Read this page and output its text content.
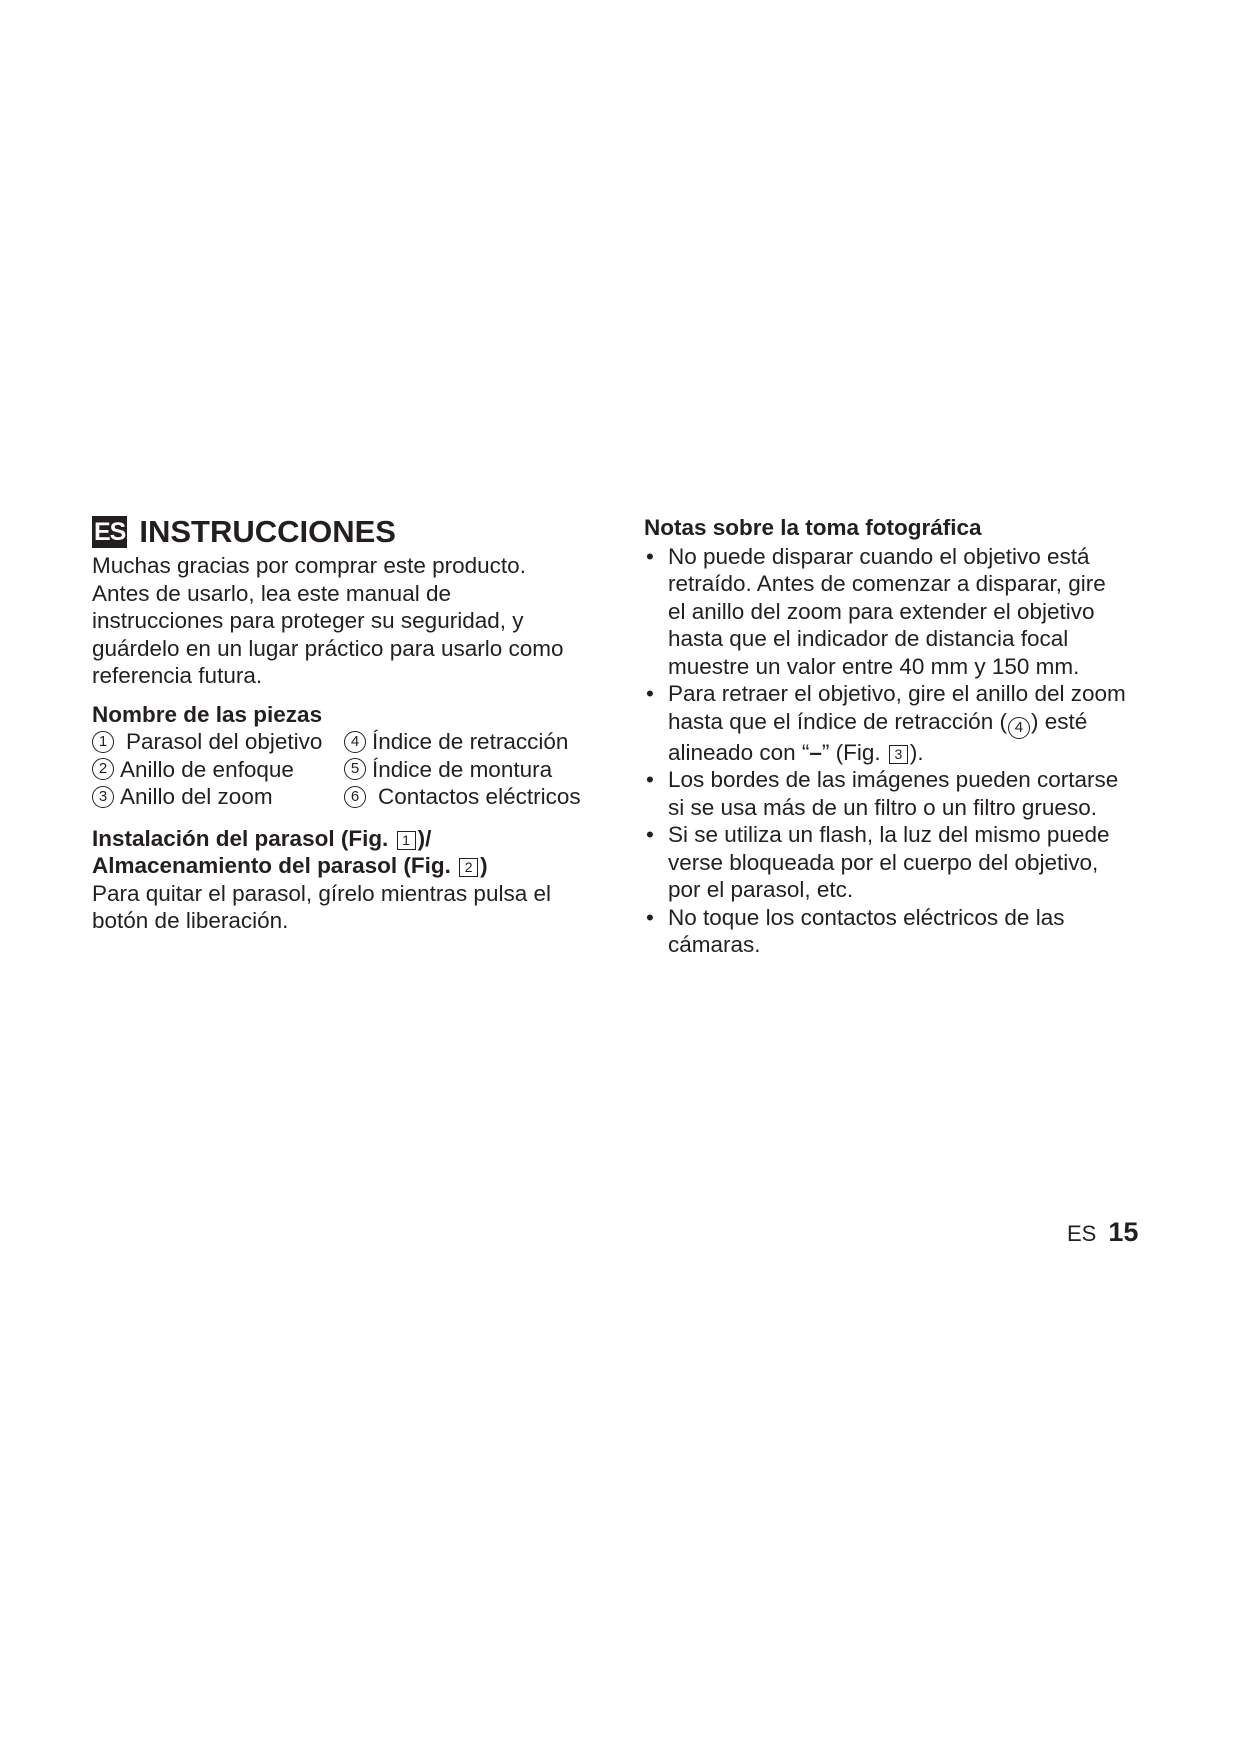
ES INSTRUCCIONES
Muchas gracias por comprar este producto.
Antes de usarlo, lea este manual de
instrucciones para proteger su seguridad, y
guárdelo en un lugar práctico para usarlo como
referencia futura.
Nombre de las piezas
1 Parasol del objetivo	4 Índice de retracción
2 Anillo de enfoque	5 Índice de montura
3 Anillo del zoom	6 Contactos eléctricos
Instalación del parasol (Fig. 1 )/
Almacenamiento del parasol (Fig. 2 )
Para quitar el parasol, gírelo mientras pulsa el
botón de liberación.
Notas sobre la toma fotográfica
• No puede disparar cuando el objetivo está
retraído. Antes de comenzar a disparar, gire
el anillo del zoom para extender el objetivo
hasta que el indicador de distancia focal
muestre un valor entre 40 mm y 150 mm.
• Para retraer el objetivo, gire el anillo del zoom
hasta que el índice de retracción ( 4 ) esté
alineado con “–” (Fig. 3 ).
• Los bordes de las imágenes pueden cortarse
si se usa más de un filtro o un filtro grueso.
• Si se utiliza un flash, la luz del mismo puede
verse bloqueada por el cuerpo del objetivo,
por el parasol, etc.
• No toque los contactos eléctricos de las
cámaras.
ES 15
